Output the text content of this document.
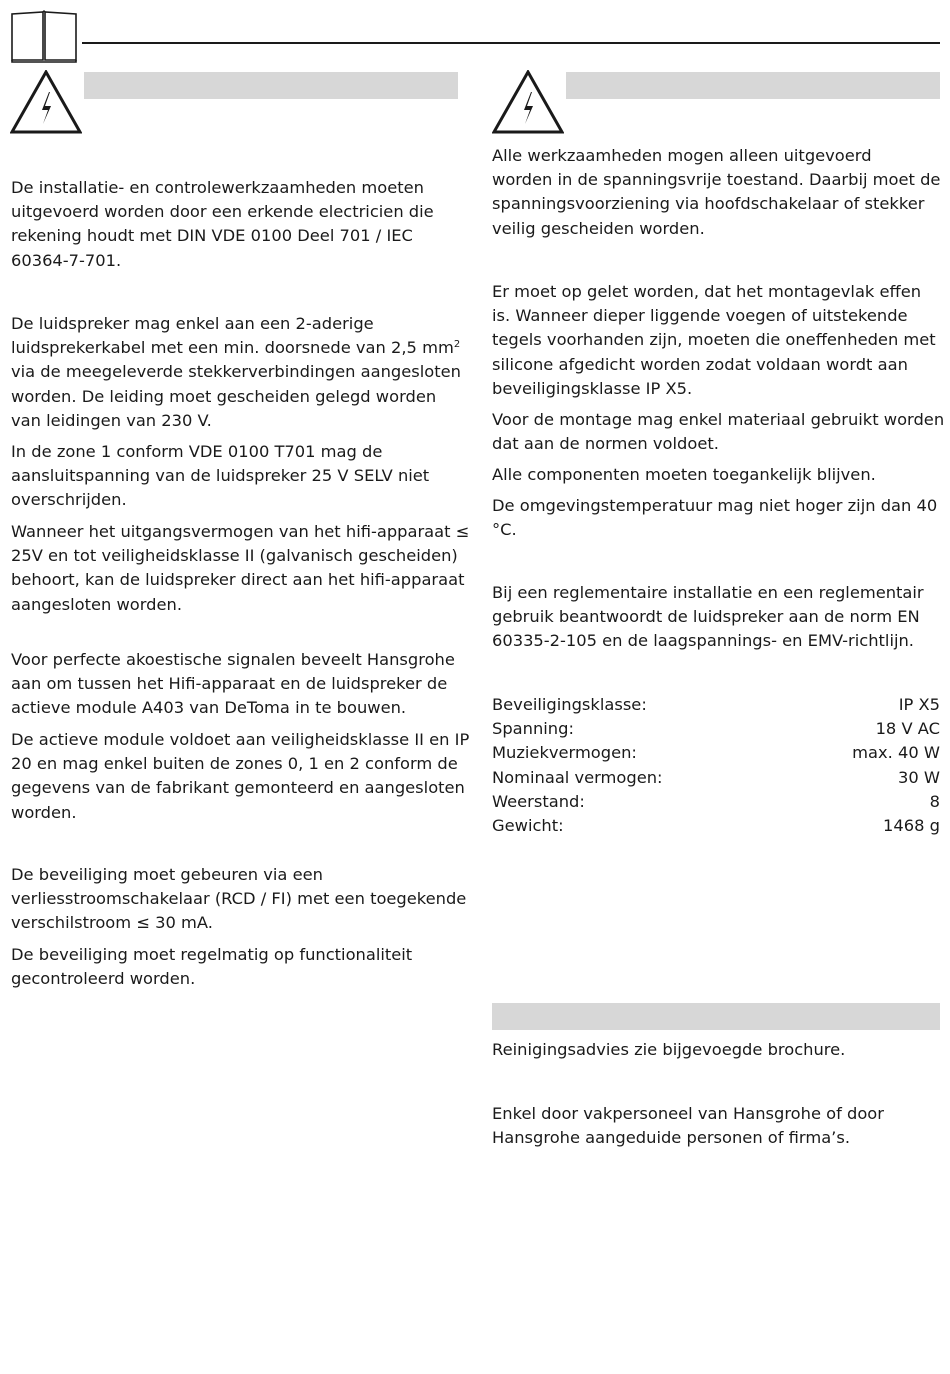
De installatie- en controlewerkzaamheden moeten

uitgevoerd worden door een erkende electricien die

rekening houdt met DIN VDE 0100 Deel 701 / IEC

60364-7-701.

De luidspreker mag enkel aan een 2-aderige

luidsprekerkabel met een min. doorsnede van 2,5 $mm^2$

via de meegeleverde stekkerverbindingen aangesloten

worden. De leiding moet gescheiden gelegd worden

van leidingen van 230 V.

In de zone 1 conform VDE 0100 T701 mag de

aansluitspanning van de luidspreker 25 V SELV niet

overschrijden.

Wanneer het uitgangsvermogen van het hifi-apparaat ≤

25V en tot veiligheidsklasse II (galvanisch gescheiden)

behoort, kan de luidspreker direct aan het hifi-apparaat

aangesloten worden.

Voor perfecte akoestische signalen beveelt Hansgrohe

aan om tussen het Hifi-apparaat en de luidspreker de

actieve module A403 van DeToma in te bouwen.

De actieve module voldoet aan veiligheidsklasse II en IP

20 en mag enkel buiten de zones 0, 1 en 2 conform de

gegevens van de fabrikant gemonteerd en aangesloten

worden.

De beveiliging moet gebeuren via een

verliesstroomschakelaar (RCD / FI) met een toegekende

verschilstroom ≤ 30 mA.

De beveiliging moet regelmatig op functionaliteit

gecontroleerd worden.

Alle werkzaamheden mogen alleen uitgevoerd

worden in de spanningsvrije toestand. Daarbij moet de

spanningsvoorziening via hoofdschakelaar of stekker

veilig gescheiden worden.

Er moet op gelet worden, dat het montagevlak effen

is. Wanneer dieper liggende voegen of uitstekende

tegels voorhanden zijn, moeten die oneffenheden met

silicone afgedicht worden zodat voldaan wordt aan

beveiligingsklasse IP X5.

Voor de montage mag enkel materiaal gebruikt worden

dat aan de normen voldoet.

Alle componenten moeten toegankelijk blijven.

De omgevingstemperatuur mag niet hoger zijn dan 40

°C.

Bij een reglementaire installatie en een reglementair

gebruik beantwoordt de luidspreker aan de norm EN

60335-2-105 en de laagspannings- en EMV-richtlijn.

Beveiligingsklasse:	IP X5
Spanning:	18 V AC
Muziekvermogen:	max. 40 W
Nominaal vermogen:	30 W
Weerstand:	8
Gewicht:	1468 g

Reinigingsadvies zie bijgevoegde brochure.

Enkel door vakpersoneel van Hansgrohe of door

Hansgrohe aangeduide personen of firma’s.
